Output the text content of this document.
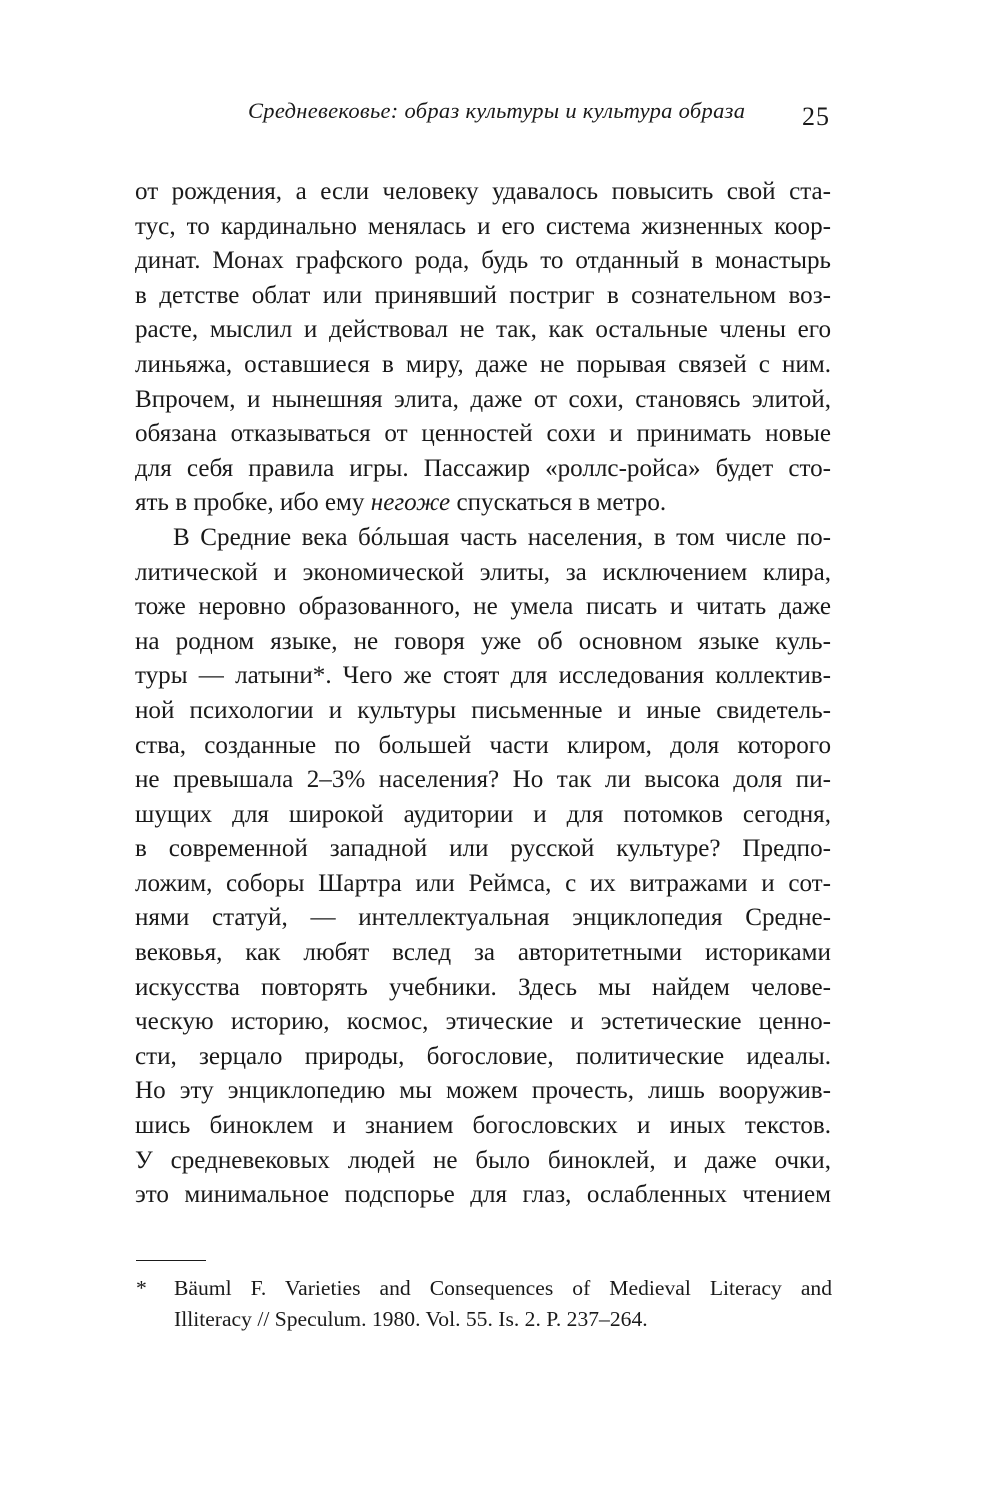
Средневековье: образ культуры и культура образа 25
от рождения, а если человеку удавалось повысить свой ста-
тус, то кардинально менялась и его система жизненных коор-
динат. Монах графского рода, будь то отданный в монастырь
в детстве облат или принявший постриг в сознательном воз-
расте, мыслил и действовал не так, как остальные члены его
линьяжа, оставшиеся в миру, даже не порывая связей с ним.
Впрочем, и нынешняя элита, даже от сохи, становясь элитой,
обязана отказываться от ценностей сохи и принимать новые
для себя правила игры. Пассажир «роллс-ройса» будет сто-
ять в пробке, ибо ему негоже спускаться в метро.
В Средние века бóльшая часть населения, в том числе по-
литической и экономической элиты, за исключением клира,
тоже неровно образованного, не умела писать и читать даже
на родном языке, не говоря уже об основном языке куль-
туры — латыни*. Чего же стоят для исследования коллектив-
ной психологии и культуры письменные и иные свидетель-
ства, созданные по большей части клиром, доля которого
не превышала 2–3% населения? Но так ли высока доля пи-
шущих для широкой аудитории и для потомков сегодня,
в современной западной или русской культуре? Предпо-
ложим, соборы Шартра или Реймса, с их витражами и сот-
нями статуй, — интеллектуальная энциклопедия Средне-
вековья, как любят вслед за авторитетными историками
искусства повторять учебники. Здесь мы найдем челове-
ческую историю, космос, этические и эстетические ценно-
сти, зерцало природы, богословие, политические идеалы.
Но эту энциклопедию мы можем прочесть, лишь вооружив-
шись биноклем и знанием богословских и иных текстов.
У средневековых людей не было биноклей, и даже очки,
это минимальное подспорье для глаз, ослабленных чтением
* Bäuml F. Varieties and Consequences of Medieval Literacy and
Illiteracy // Speculum. 1980. Vol. 55. Is. 2. P. 237–264.
